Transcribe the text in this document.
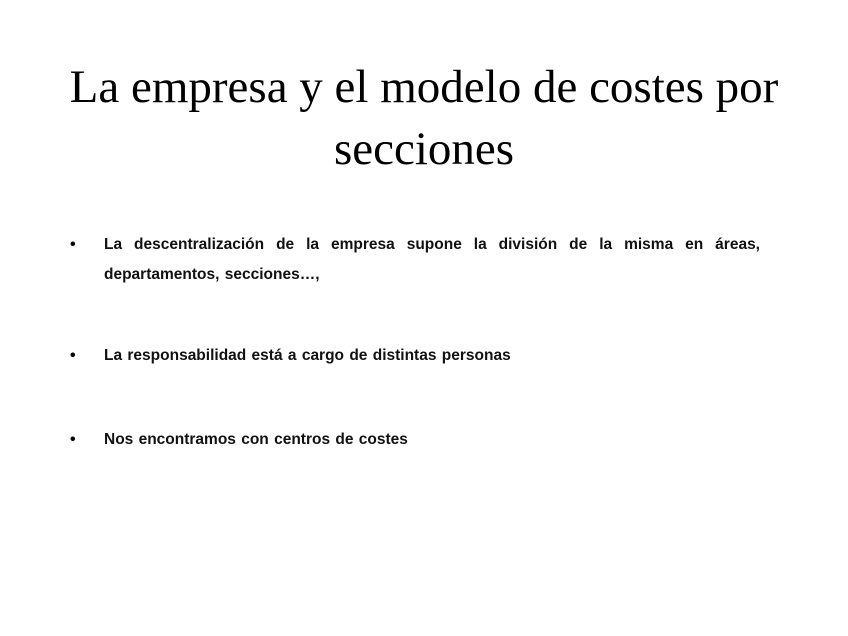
La empresa y el modelo de costes por secciones
•	La descentralización de la empresa supone la división de la misma en áreas, departamentos, secciones…,
•	La responsabilidad está a cargo de distintas personas
•	Nos encontramos con centros de costes
